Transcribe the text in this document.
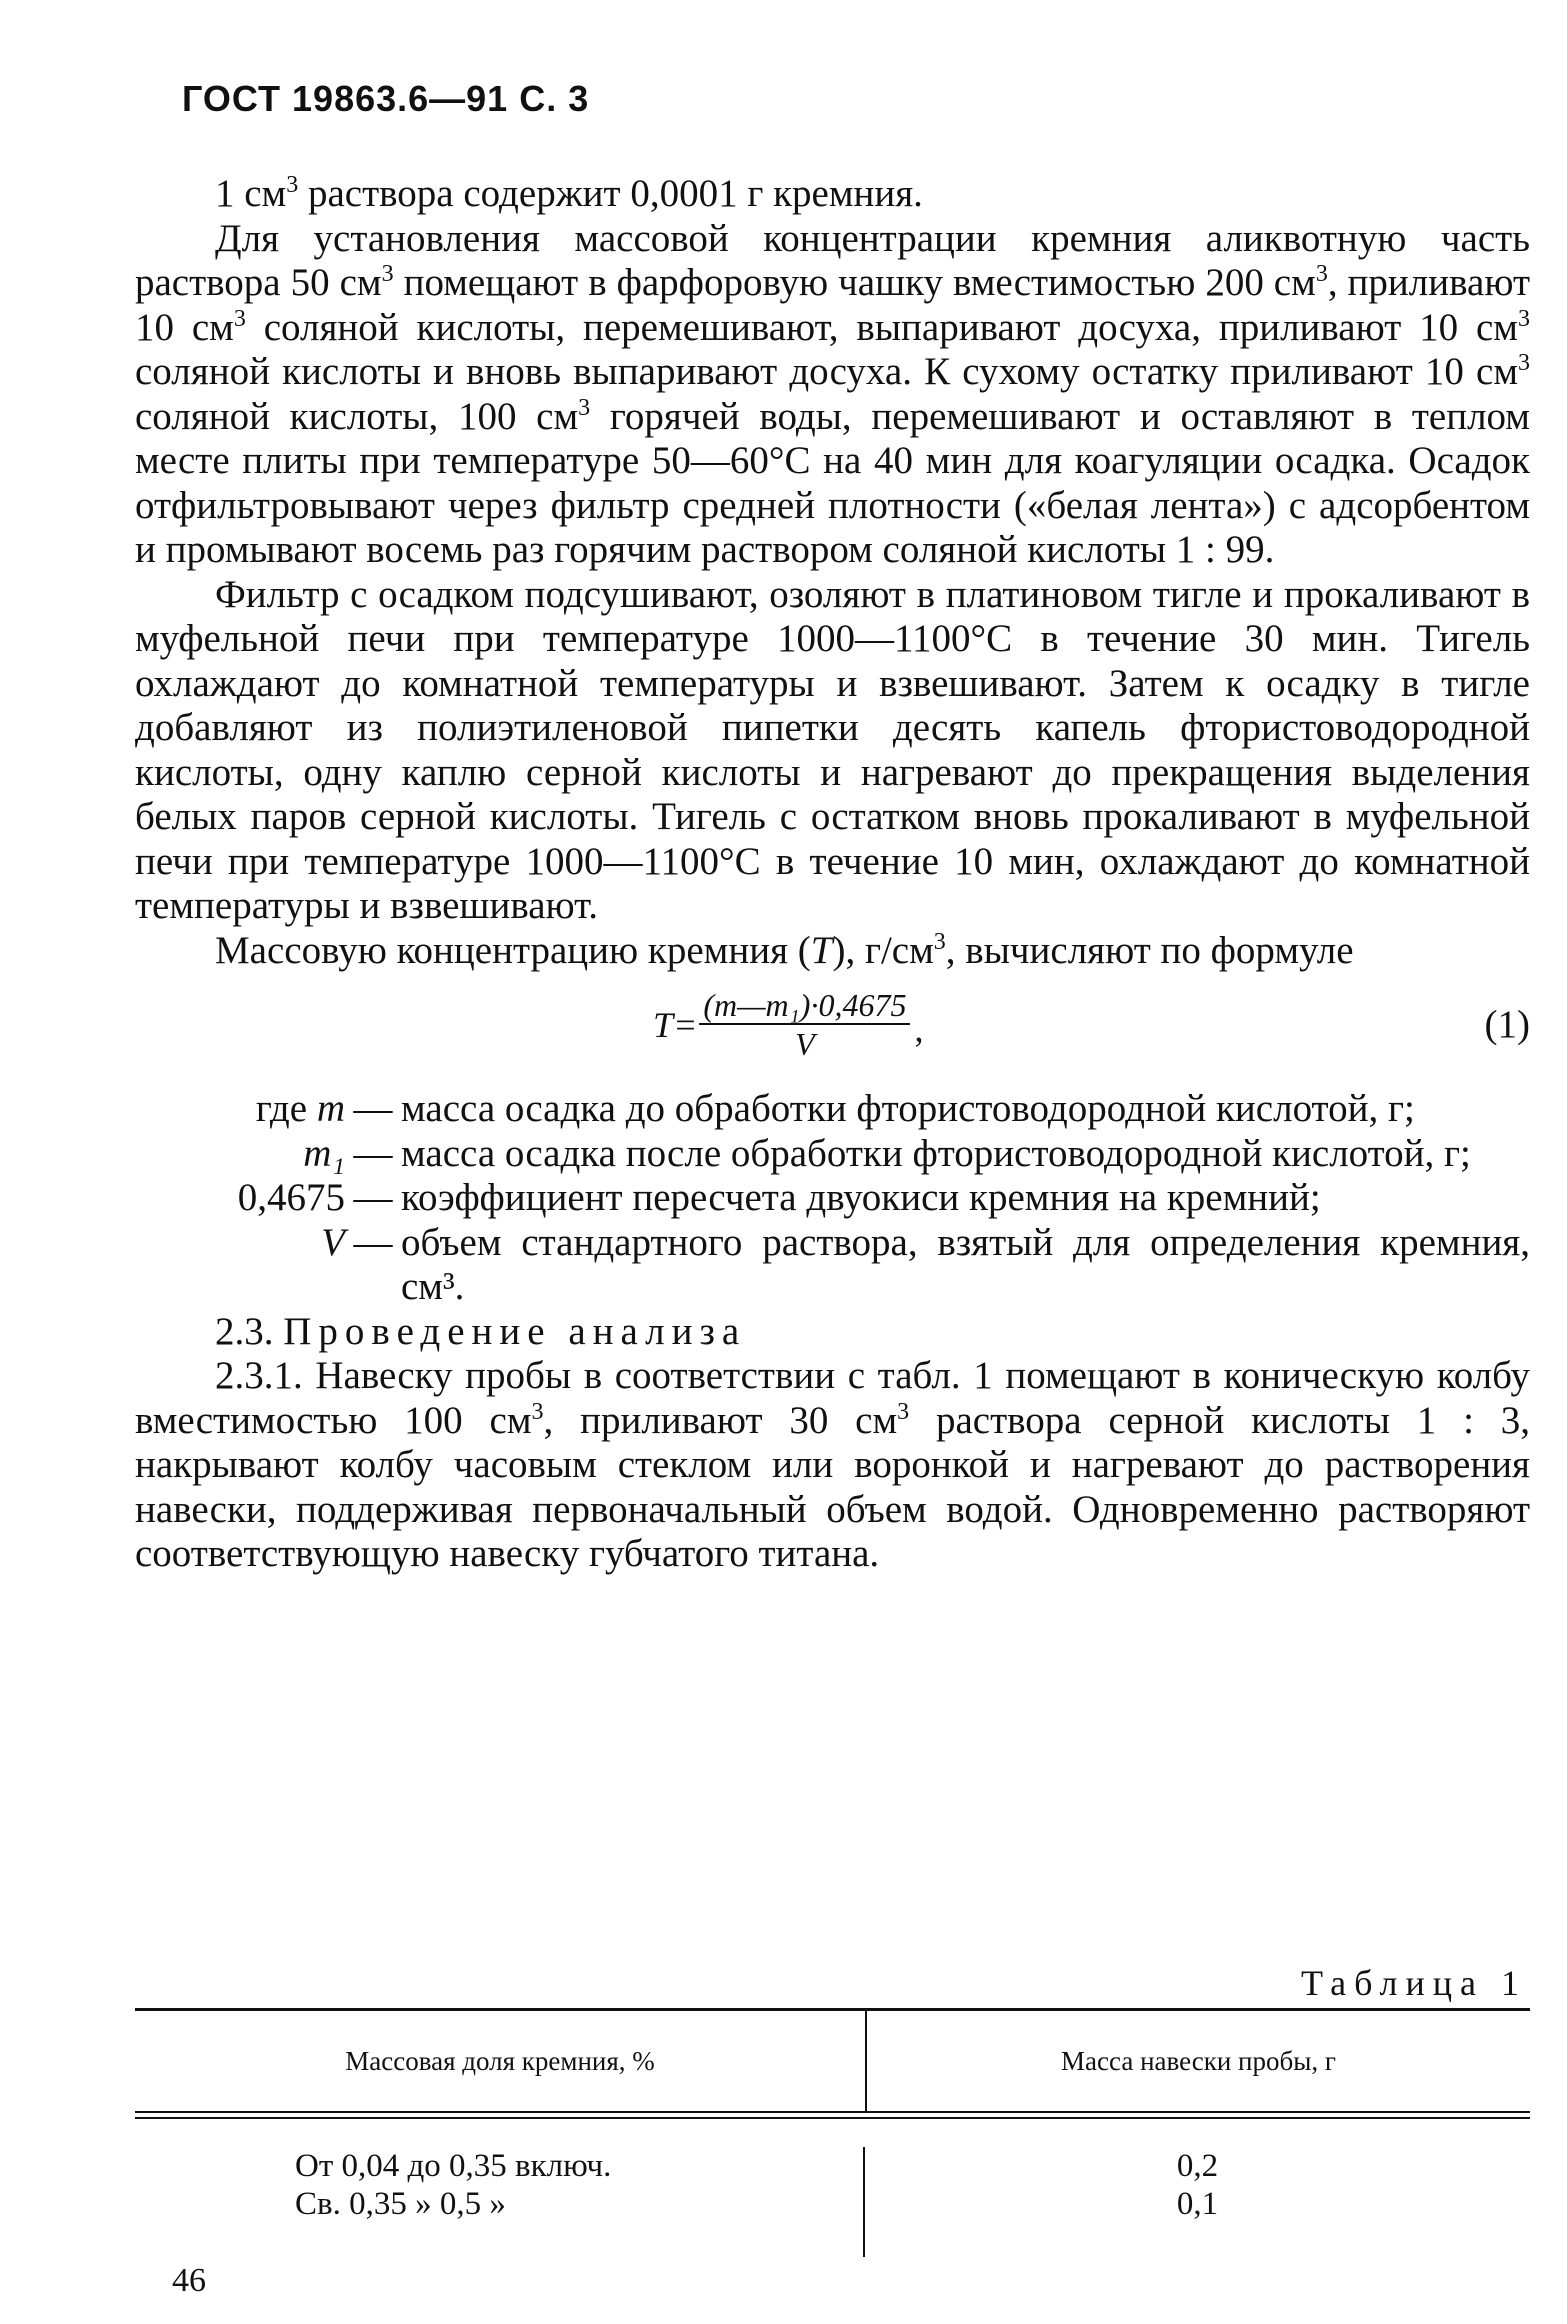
ГОСТ 19863.6—91 С. 3

1 $см^3$ раствора содержит 0,0001 г кремния.

Для установления массовой концентрации кремния аликвотную часть раствора 50 $см^3$ помещают в фарфоровую чашку вместимостью 200 $см^3$, приливают 10 $см^3$ соляной кислоты, перемешивают, выпаривают досуха, приливают 10 $см^3$ соляной кислоты и вновь выпаривают досуха. К сухому остатку приливают 10 $см^3$ соляной кислоты, 100 $см^3$ горячей воды, перемешивают и оставляют в теплом месте плиты при температуре 50—60°С на 40 мин для коагуляции осадка. Осадок отфильтровывают через фильтр средней плотности («белая лента») с адсорбентом и промывают восемь раз горячим раствором соляной кислоты 1 : 99.

Фильтр с осадком подсушивают, озоляют в платиновом тигле и прокаливают в муфельной печи при температуре 1000—1100°С в течение 30 мин. Тигель охлаждают до комнатной температуры и взвешивают. Затем к осадку в тигле добавляют из полиэтиленовой пипетки десять капель фтористоводородной кислоты, одну каплю серной кислоты и нагревают до прекращения выделения белых паров серной кислоты. Тигель с остатком вновь прокаливают в муфельной печи при температуре 1000—1100°С в течение 10 мин, охлаждают до комнатной температуры и взвешивают.

Массовую концентрацию кремния (T), $г/см^3$, вычисляют по формуле

$T= \frac{\text{(m—m₁)·0,4675}}{V}$ ,	(1)
где m — масса осадка до обработки фтористоводородной кислотой, г;
m₁ — масса осадка после обработки фтористоводородной кислотой, г;
0,4675 — коэффициент пересчета двуокиси кремния на кремний;
V — объем стандартного раствора, взятый для определения кремния, см³.

2.3. Проведение анализа

2.3.1. Навеску пробы в соответствии с табл. 1 помещают в коническую колбу вместимостью 100 $см^3$, приливают 30 $см^3$ раствора серной кислоты 1 : 3, накрывают колбу часовым стеклом или воронкой и нагревают до растворения навески, поддерживая первоначальный объем водой. Одновременно растворяют соответствующую навеску губчатого титана.

Таблица 1
Массовая доля кремния, %	Масса навески пробы, г
От 0,04 до 0,35 включ.
Св. 0,35 » 0,5 »
0,2
0,1
46
